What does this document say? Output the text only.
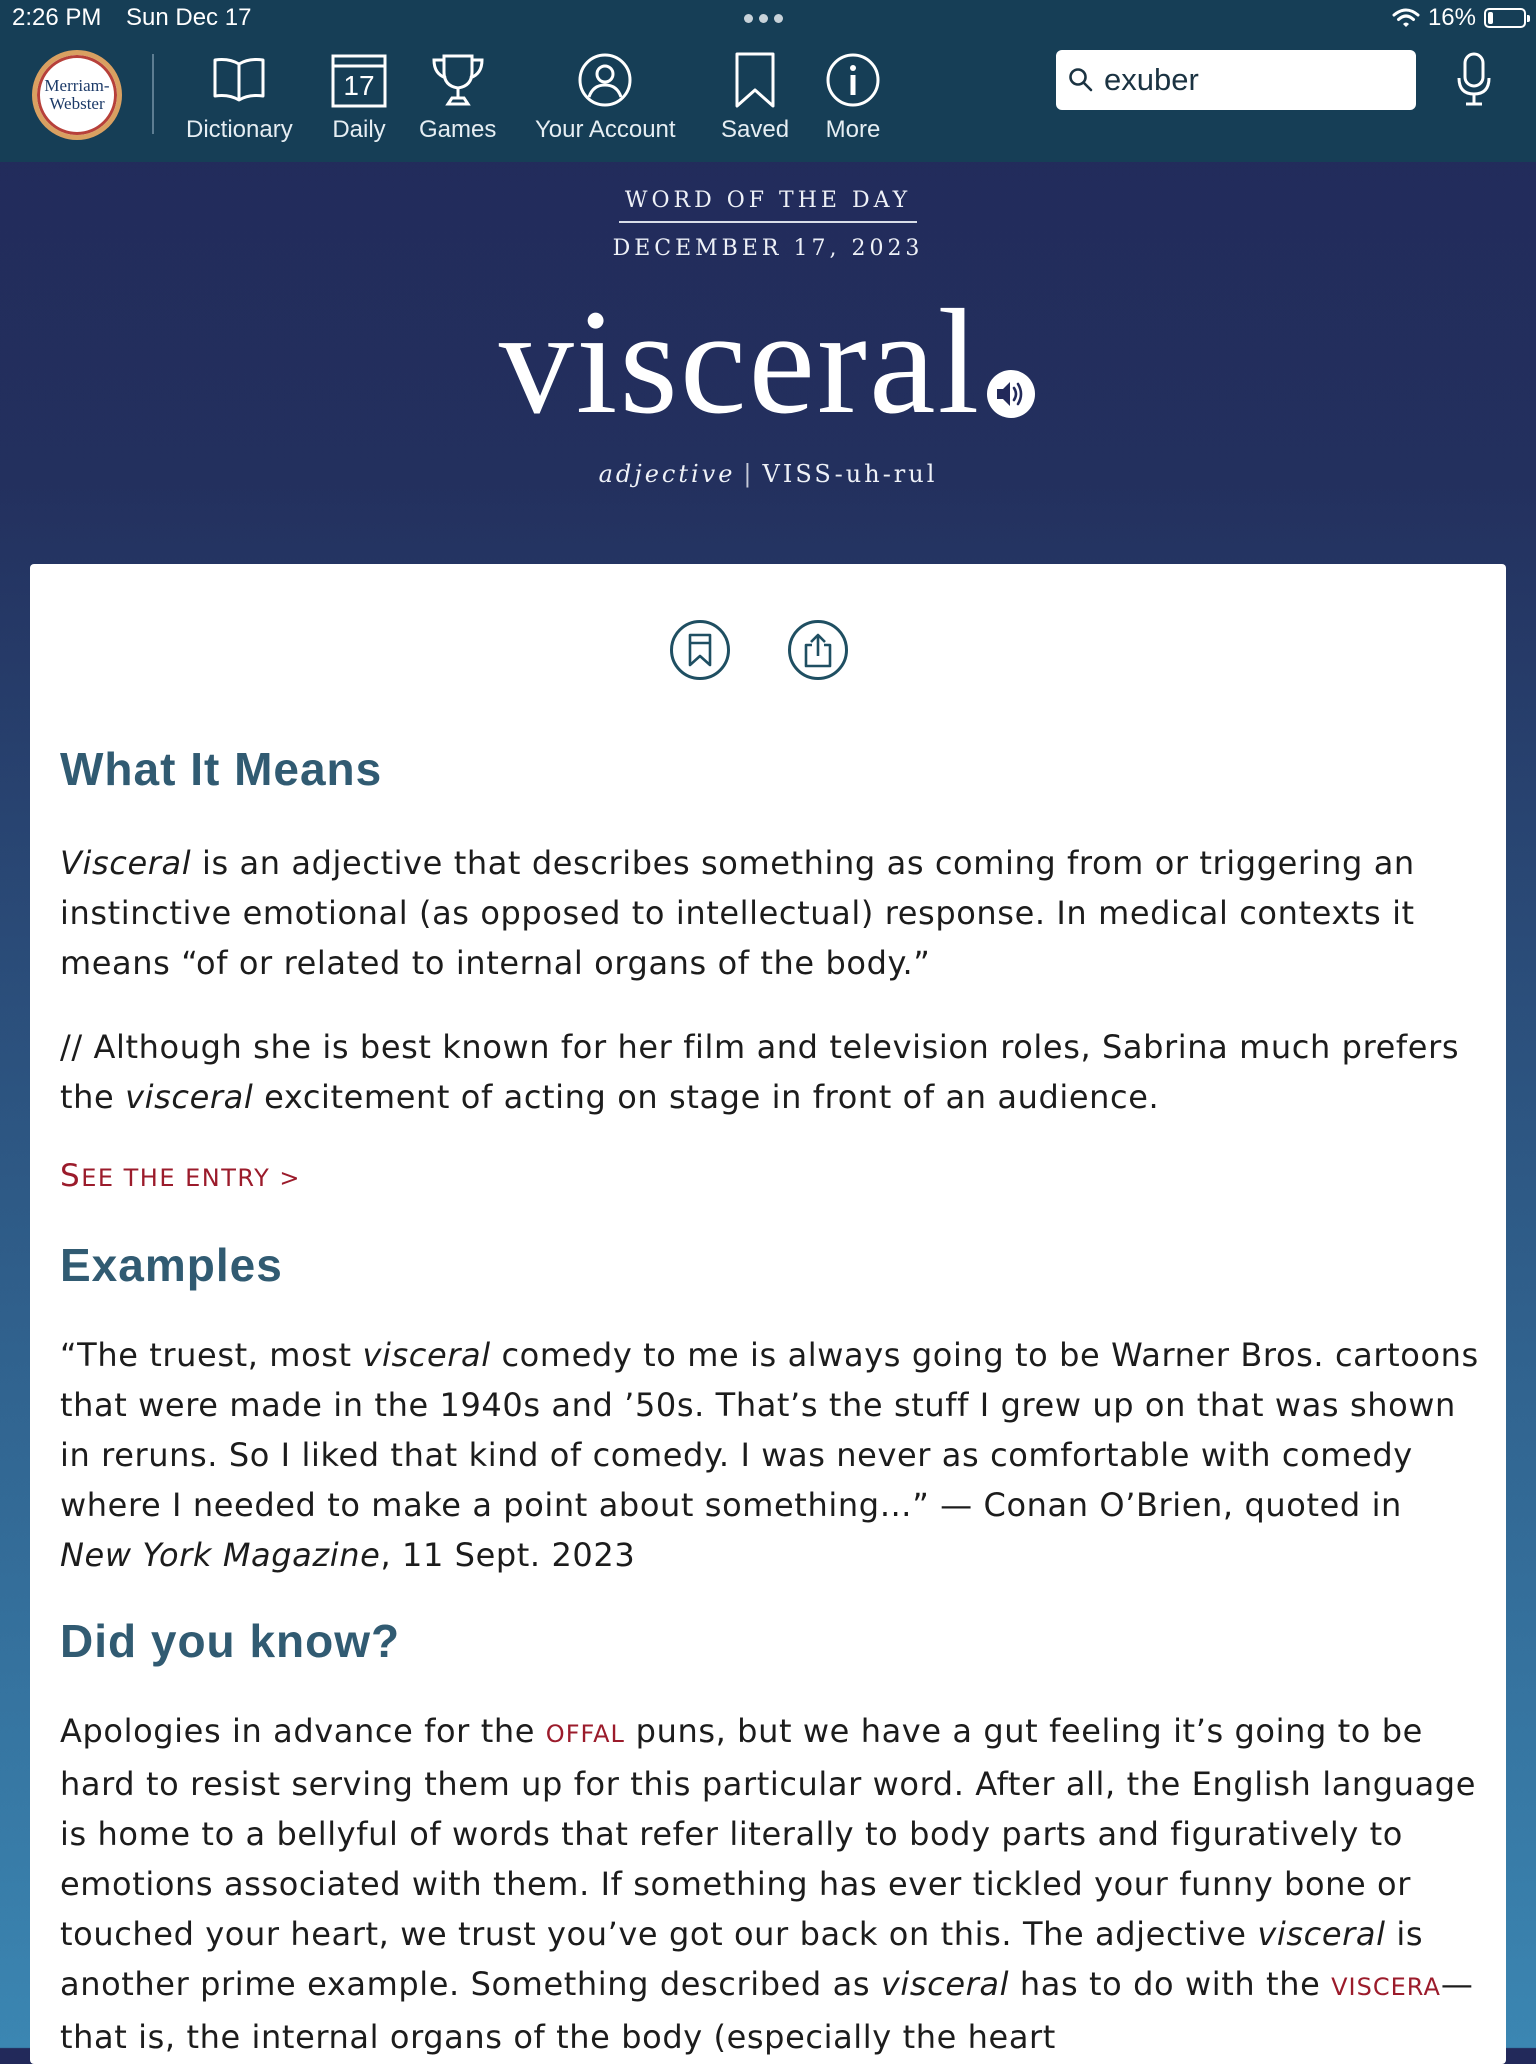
2:26 PM Sun Dec 17	16%
Merriam-
Webster
Dictionary
17
Daily Games Your Account Saved More
exuber
WORD OF THE DAY
DECEMBER 17, 2023
visceral
adjective | VISS-uh-rul
What It Means

Visceral is an adjective that describes something as coming from or triggering an instinctive emotional (as opposed to intellectual) response. In medical contexts it means “of or related to internal organs of the body.”

// Although she is best known for her film and television roles, Sabrina much prefers the visceral excitement of acting on stage in front of an audience.

SEE THE ENTRY >
Examples

“The truest, most visceral comedy to me is always going to be Warner Bros. cartoons that were made in the 1940s and ’50s. That’s the stuff I grew up on that was shown in reruns. So I liked that kind of comedy. I was never as comfortable with comedy where I needed to make a point about something…” — Conan O’Brien, quoted in New York Magazine, 11 Sept. 2023

Did you know?

Apologies in advance for the OFFAL puns, but we have a gut feeling it’s going to be hard to resist serving them up for this particular word. After all, the English language is home to a bellyful of words that refer literally to body parts and figuratively to emotions associated with them. If something has ever tickled your funny bone or touched your heart, we trust you’ve got our back on this. The adjective visceral is another prime example. Something described as visceral has to do with the VISCERA—that is, the internal organs of the body (especially the heart
